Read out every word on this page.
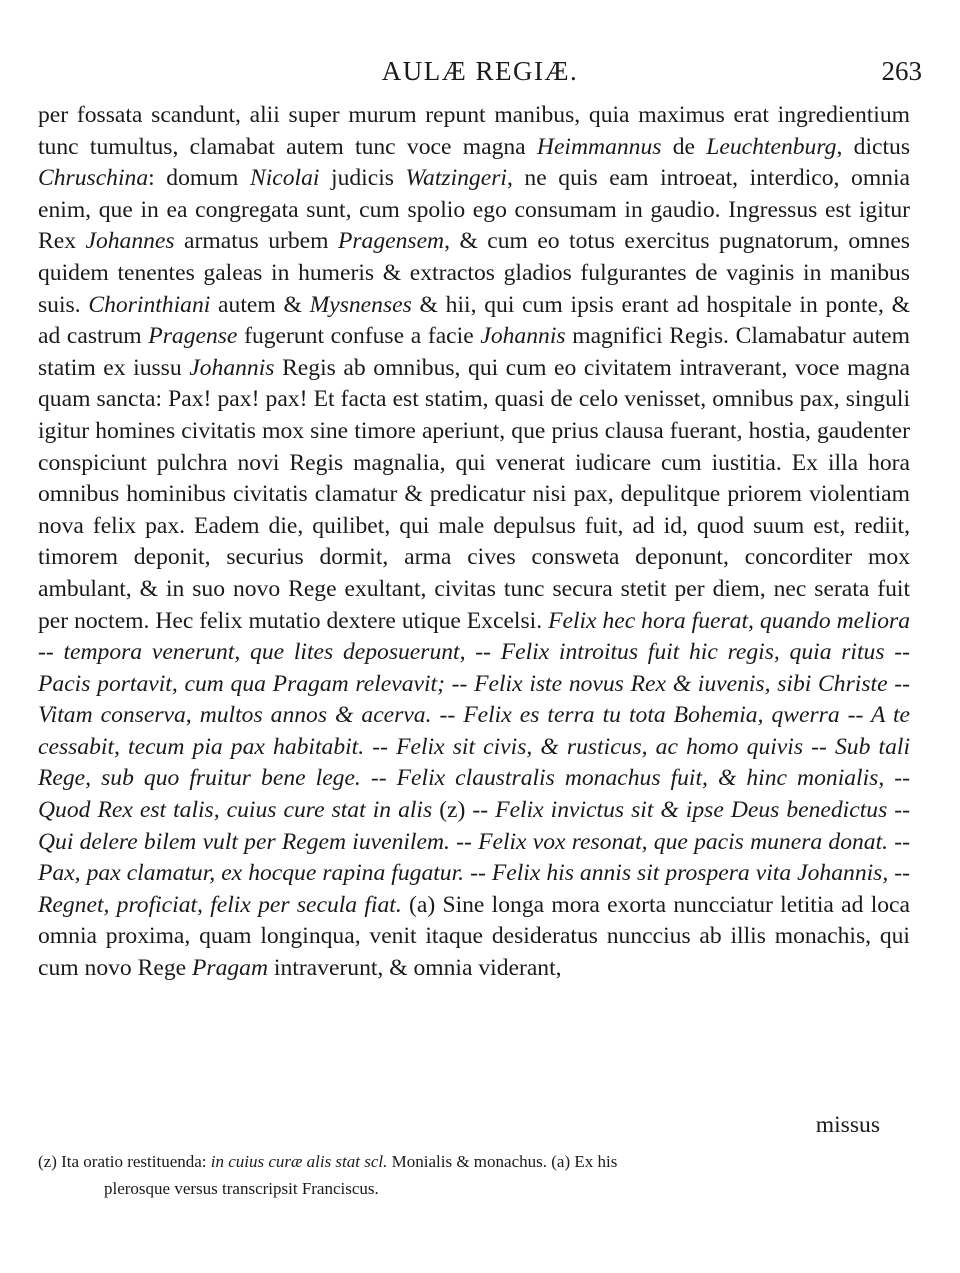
AULÆ REGIÆ.	263

per fossata scandunt, alii super murum repunt manibus, quia maximus erat ingredientium tunc tumultus, clamabat autem tunc voce magna Heimmannus de Leuchtenburg, dictus Chruschina: domum Nicolai judicis Watzingeri, ne quis eam introeat, interdico, omnia enim, que in ea congregata sunt, cum spolio ego consumam in gaudio. Ingressus est igitur Rex Johannes armatus urbem Pragensem, & cum eo totus exercitus pugnatorum, omnes quidem tenentes galeas in humeris & extractos gladios fulgurantes de vaginis in manibus suis. Chorinthiani autem & Mysnenses & hii, qui cum ipsis erant ad hospitale in ponte, & ad castrum Pragense fugerunt confuse a facie Johannis magnifici Regis. Clamabatur autem statim ex iussu Johannis Regis ab omnibus, qui cum eo civitatem intraverant, voce magna quam sancta: Pax! pax! pax! Et facta est statim, quasi de celo venisset, omnibus pax, singuli igitur homines civitatis mox sine timore aperiunt, que prius clausa fuerant, hostia, gaudenter conspiciunt pulchra novi Regis magnalia, qui venerat iudicare cum iustitia. Ex illa hora omnibus hominibus civitatis clamatur & predicatur nisi pax, depulitque priorem violentiam nova felix pax. Eadem die, quilibet, qui male depulsus fuit, ad id, quod suum est, rediit, timorem deponit, securius dormit, arma cives consweta deponunt, concorditer mox ambulant, & in suo novo Rege exultant, civitas tunc secura stetit per diem, nec serata fuit per noctem. Hec felix mutatio dextere utique Excelsi. Felix hec hora fuerat, quando meliora -- tempora venerunt, que lites deposuerunt, -- Felix introitus fuit hic regis, quia ritus -- Pacis portavit, cum qua Pragam relevavit; -- Felix iste novus Rex & iuvenis, sibi Christe -- Vitam conserva, multos annos & acerva. -- Felix es terra tu tota Bohemia, qwerra -- A te cessabit, tecum pia pax habitabit. -- Felix sit civis, & rusticus, ac homo quivis -- Sub tali Rege, sub quo fruitur bene lege. -- Felix claustralis monachus fuit, & hinc monialis, -- Quod Rex est talis, cuius cure stat in alis (z) -- Felix invictus sit & ipse Deus benedictus -- Qui delere bilem vult per Regem iuvenilem. -- Felix vox resonat, que pacis munera donat. -- Pax, pax clamatur, ex hocque rapina fugatur. -- Felix his annis sit prospera vita Johannis, -- Regnet, proficiat, felix per secula fiat. (a) Sine longa mora exorta nuncciatur letitia ad loca omnia proxima, quam longinqua, venit itaque desideratus nunccius ab illis monachis, qui cum novo Rege Pragam intraverunt, & omnia viderant,

missus

(z) Ita oratio restituenda: in cuius curæ alis stat scl. Monialis & monachus. (a) Ex his

plerosque versus transcripsit Franciscus.
